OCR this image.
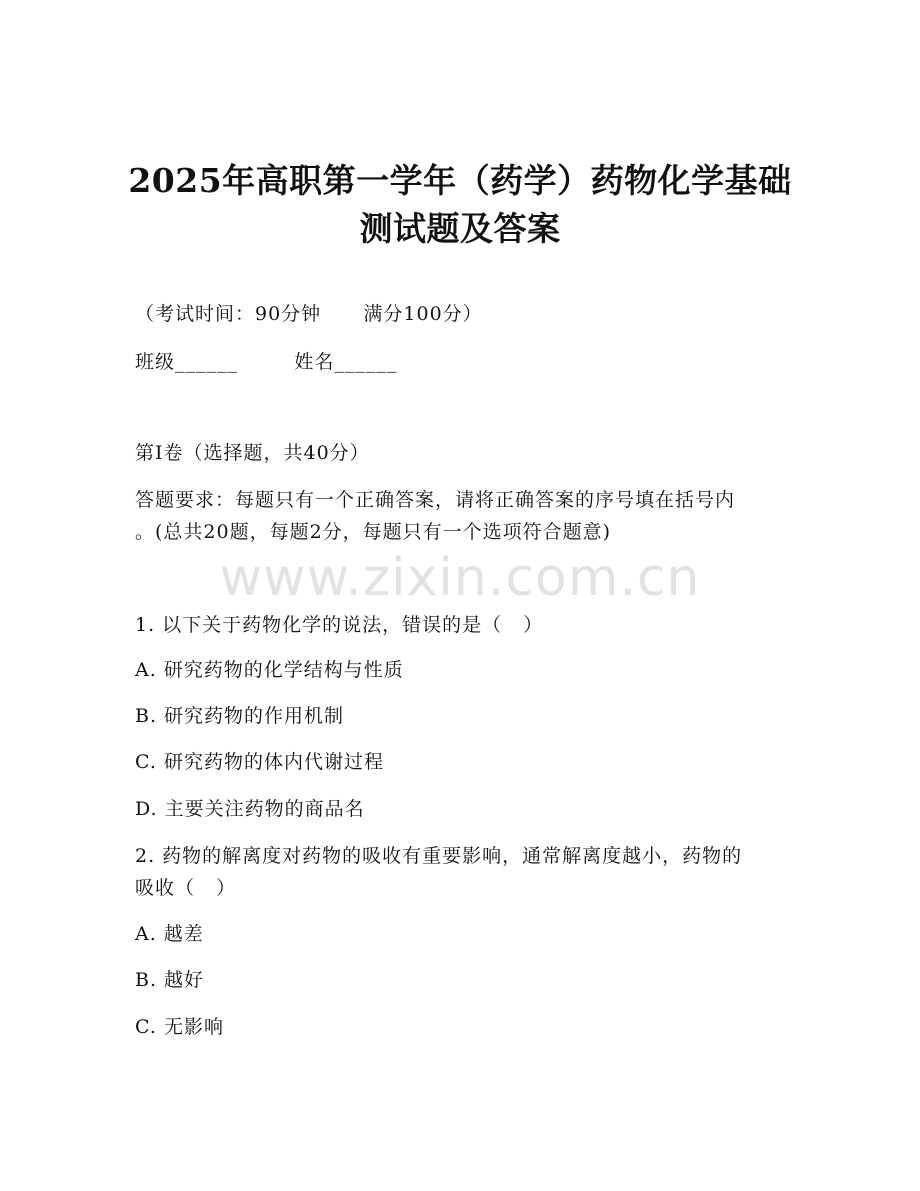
2025年高职第一学年（药学）药物化学基础
测试题及答案
（考试时间：90分钟      满分100分）
班级______        姓名______
第I卷（选择题，共40分）
答题要求：每题只有一个正确答案，请将正确答案的序号填在括号内
。(总共20题，每题2分，每题只有一个选项符合题意)
www.zixin.com.cn
1. 以下关于药物化学的说法，错误的是（   ）
A. 研究药物的化学结构与性质
B. 研究药物的作用机制
C. 研究药物的体内代谢过程
D. 主要关注药物的商品名
2. 药物的解离度对药物的吸收有重要影响，通常解离度越小，药物的
吸收（   ）
A. 越差
B. 越好
C. 无影响
